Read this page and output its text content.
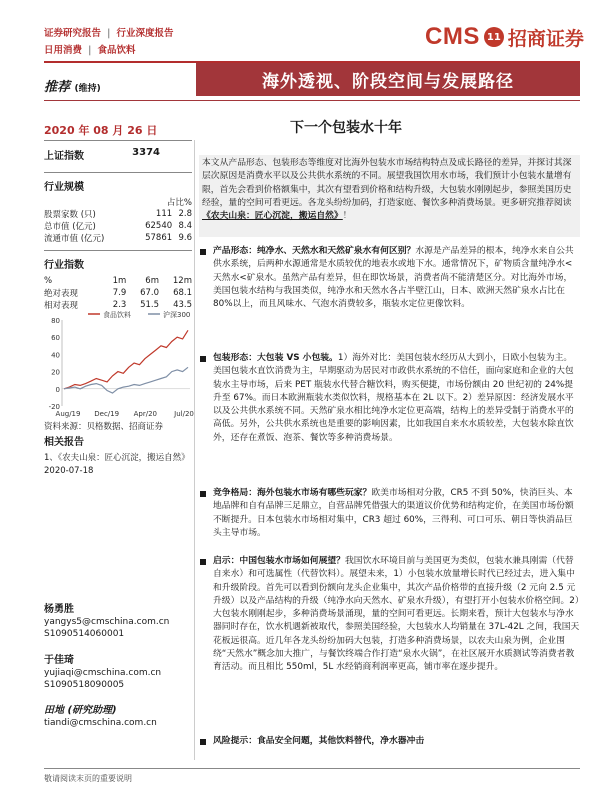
证券研究报告 | 行业深度报告
日用消费 | 食品饮料
CMS 11 招商证券
推荐 (维持)	海外透视、阶段空间与发展路径
2020 年 08 月 26 日	下一个包装水十年
上证指数	3374
行业规模
占比%
股票家数 (只)	111	2.8
总市值 (亿元)	62540	8.4
流通市值 (亿元)	57861	9.6
行业指数
%	1m	6m	12m
绝对表现	7.9	67.0	68.1
相对表现	2.3	51.5	43.5
80
60
40
20
0
-20
Aug/19 Dec/19 Apr/20 Jul/20
食品饮料	沪深300
资料来源：贝格数据、招商证券
相关报告
1、《农夫山泉：匠心沉淀，搬运自然》2020-07-18
杨勇胜
yangys5@cmschina.com.cn
S1090514060001
于佳琦
yujiaqi@cmschina.com.cn
S1090518090005
田地 (研究助理)
tiandi@cmschina.com.cn
本文从产品形态、包装形态等维度对比海外包装水市场结构特点及成长路径的差异，并探讨其深层次原因是消费水平以及公共供水系统的不同。展望我国饮用水市场，我们预计小包装水量增有限，首先会看到价格额集中，其次有望看到价格和结构升级，大包装水刚刚起步，参照美国历史经验，量的空间可看更远。各龙头纷纷加码，打造家庭、餐饮多种消费场景。更多研究推荐阅读《农夫山泉：匠心沉淀，搬运自然》！
产品形态：纯净水、天然水和天然矿泉水有何区别？水源是产品差异的根本，纯净水来自公共供水系统，后两种水源通常是水质较优的地表水或地下水。通常情况下，矿物质含量纯净水<天然水<矿泉水。虽然产品有差异，但在即饮场景，消费者尚不能清楚区分。对比海外市场，美国包装水结构与我国类似，纯净水和天然水各占半壁江山，日本、欧洲天然矿泉水占比在 80%以上，而且风味水、气泡水消费较多，瓶装水定位更像饮料。
包装形态：大包装 VS 小包装。1）海外对比：美国包装水经历从大到小，日欧小包装为主。美国包装水直饮消费为主，早期驱动为居民对市政供水系统的不信任，面向家庭和企业的大包装水主导市场，后来 PET 瓶装水代替合糖饮料，购买便捷，市场份额由 20 世纪初的 24%提升至 67%。而日本欧洲瓶装水类似饮料，规格基本在 2L 以下。2）差异原因：经济发展水平以及公共供水系统不同。天然矿泉水相比纯净水定位更高端，结构上的差异受制于消费水平的高低。另外，公共供水系统也是重要的影响因素，比如我国自来水水质较差，大包装水除直饮外，还存在煮饭、泡茶、餐饮等多种消费场景。
竞争格局：海外包装水市场有哪些玩家？欧美市场相对分散，CR5 不到 50%，快消巨头、本地品牌和自有品牌三足鼎立，自营品牌凭借强大的渠道议价优势和结构定价，在美国市场份额不断提升。日本包装水市场相对集中，CR3 超过 60%，三得利、可口可乐、朝日等快消品巨头主导市场。
启示：中国包装水市场如何展望？我国饮水环境目前与美国更为类似，包装水兼具刚需（代替自来水）和可选属性（代替饮料）。展望未来，1）小包装水放量增长时代已经过去，进入集中和升级阶段。首先可以看到份额向龙头企业集中，其次产品价格带的直接升级（2 元向 2.5 元升级）以及产品结构的升级（纯净水向天然水、矿泉水升级），有望打开小包装水价格空间。2）大包装水刚刚起步，多种消费场景涌现，量的空间可看更远。长期来看，预计大包装水与净水器同时存在，饮水机遇新被取代，参照美国经验，大包装水人均销量在 37L-42L 之间，我国天花板远很高。近几年各龙头纷纷加码大包装，打造多种消费场景，以农夫山泉为例，企业围绕“天然水”概念加大推广，与餐饮终端合作打造“泉水火锅”，在社区展开水质测试等消费者教育活动。而且相比 550ml，5L 水经销商利润率更高，铺市率在逐步提升。
风险提示：食品安全问题，其他饮料替代，净水器冲击
敬请阅读末页的重要说明
